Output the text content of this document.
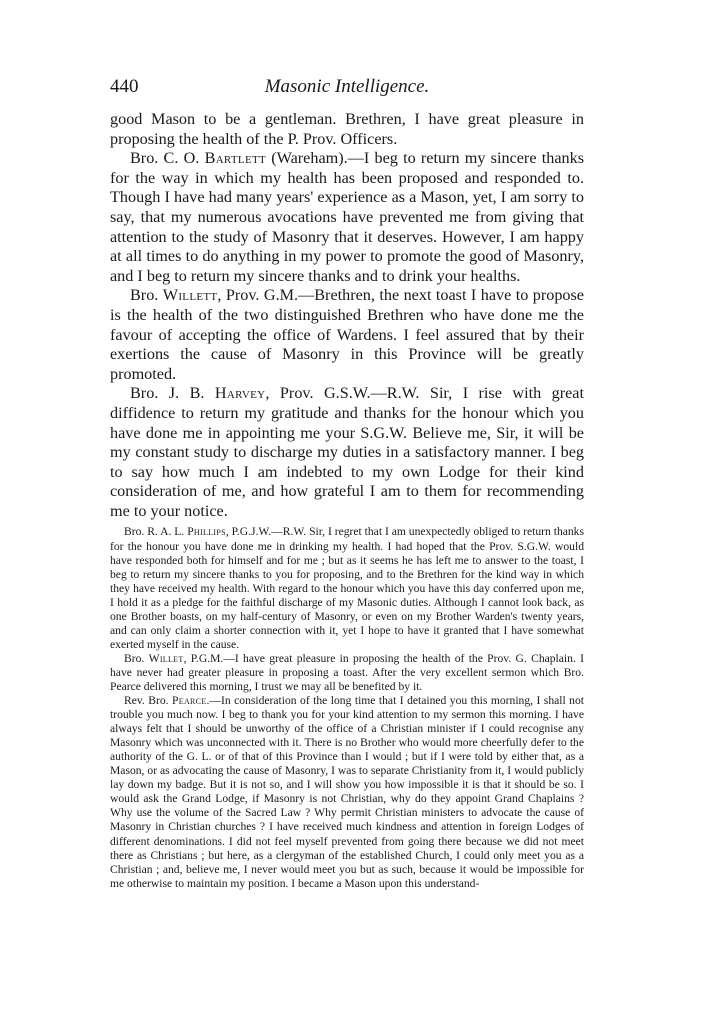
440	Masonic Intelligence.

good Mason to be a gentleman. Brethren, I have great pleasure in proposing the health of the P. Prov. Officers.

Bro. C. O. Bartlett (Wareham).—I beg to return my sincere thanks for the way in which my health has been proposed and responded to. Though I have had many years' experience as a Mason, yet, I am sorry to say, that my numerous avocations have prevented me from giving that attention to the study of Masonry that it deserves. However, I am happy at all times to do anything in my power to promote the good of Masonry, and I beg to return my sincere thanks and to drink your healths.

Bro. Willett, Prov. G.M.—Brethren, the next toast I have to propose is the health of the two distinguished Brethren who have done me the favour of accepting the office of Wardens. I feel assured that by their exertions the cause of Masonry in this Province will be greatly promoted.

Bro. J. B. Harvey, Prov. G.S.W.—R.W. Sir, I rise with great diffidence to return my gratitude and thanks for the honour which you have done me in appointing me your S.G.W. Believe me, Sir, it will be my constant study to discharge my duties in a satisfactory manner. I beg to say how much I am indebted to my own Lodge for their kind consideration of me, and how grateful I am to them for recommending me to your notice.

Bro. R. A. L. Phillips, P.G.J.W.—R.W. Sir, I regret that I am unexpectedly obliged to return thanks for the honour you have done me in drinking my health. I had hoped that the Prov. S.G.W. would have responded both for himself and for me ; but as it seems he has left me to answer to the toast, I beg to return my sincere thanks to you for proposing, and to the Brethren for the kind way in which they have received my health. With regard to the honour which you have this day conferred upon me, I hold it as a pledge for the faithful discharge of my Masonic duties. Although I cannot look back, as one Brother boasts, on my half-century of Masonry, or even on my Brother Warden's twenty years, and can only claim a shorter connection with it, yet I hope to have it granted that I have somewhat exerted myself in the cause.

Bro. Willet, P.G.M.—I have great pleasure in proposing the health of the Prov. G. Chaplain. I have never had greater pleasure in proposing a toast. After the very excellent sermon which Bro. Pearce delivered this morning, I trust we may all be benefited by it.

Rev. Bro. Pearce.—In consideration of the long time that I detained you this morning, I shall not trouble you much now. I beg to thank you for your kind attention to my sermon this morning. I have always felt that I should be unworthy of the office of a Christian minister if I could recognise any Masonry which was unconnected with it. There is no Brother who would more cheerfully defer to the authority of the G. L. or of that of this Province than I would ; but if I were told by either that, as a Mason, or as advocating the cause of Masonry, I was to separate Christianity from it, I would publicly lay down my badge. But it is not so, and I will show you how impossible it is that it should be so. I would ask the Grand Lodge, if Masonry is not Christian, why do they appoint Grand Chaplains ? Why use the volume of the Sacred Law ? Why permit Christian ministers to advocate the cause of Masonry in Christian churches ? I have received much kindness and attention in foreign Lodges of different denominations. I did not feel myself prevented from going there because we did not meet there as Christians ; but here, as a clergyman of the established Church, I could only meet you as a Christian ; and, believe me, I never would meet you but as such, because it would be impossible for me otherwise to maintain my position. I became a Mason upon this understand-
